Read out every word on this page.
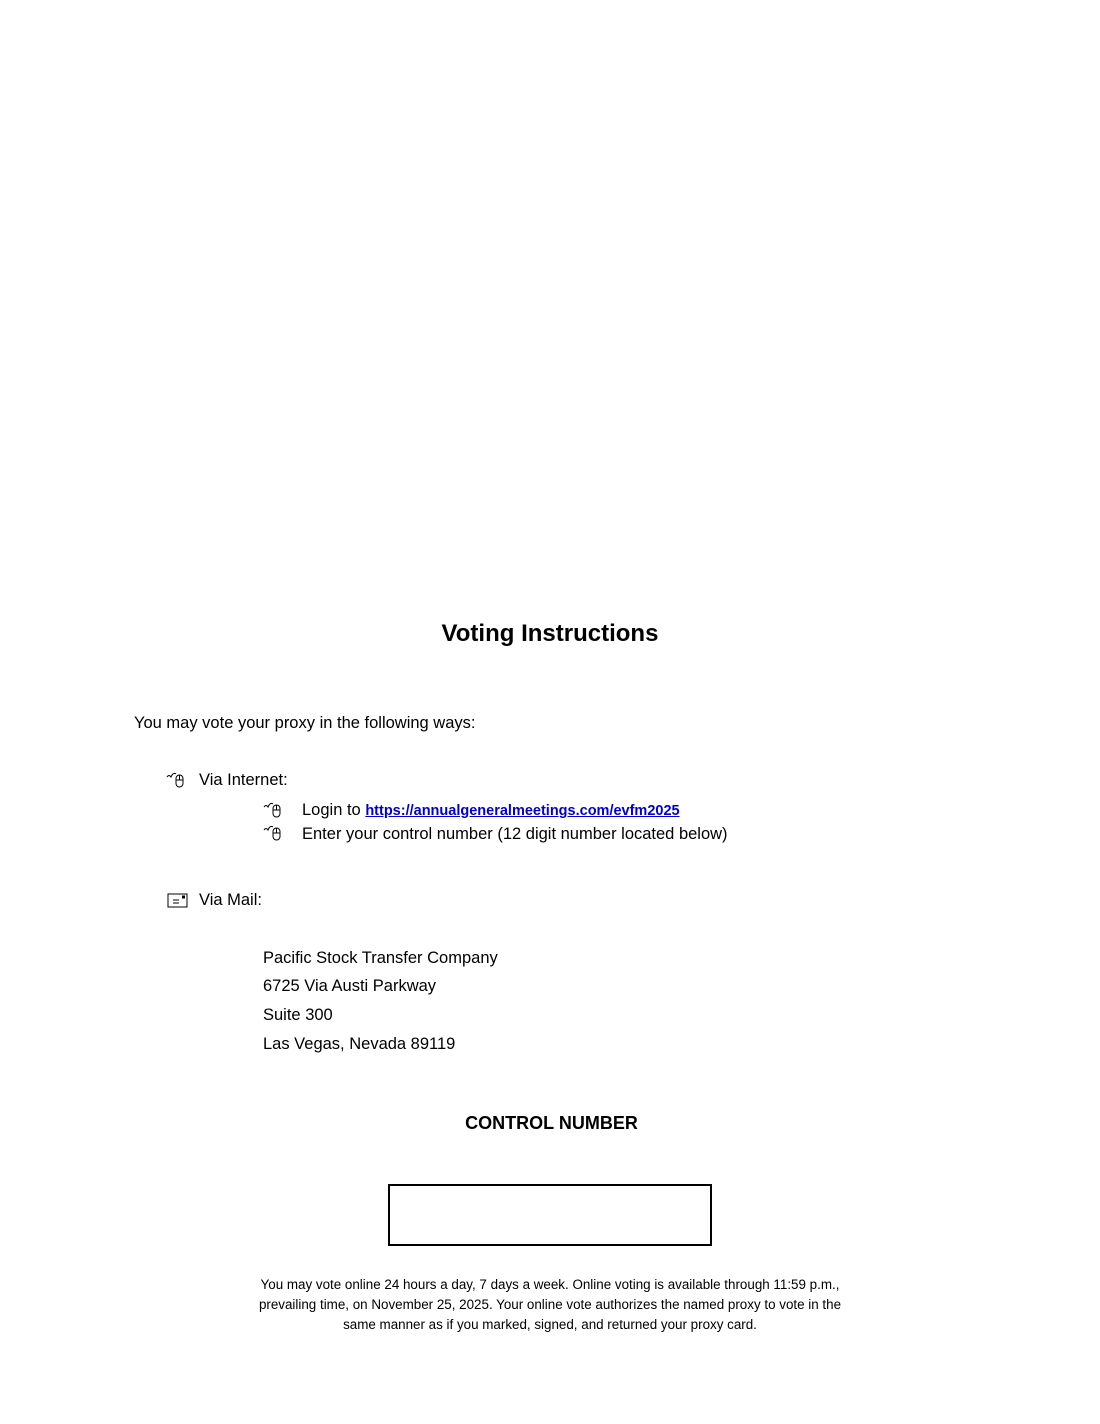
Voting Instructions
You may vote your proxy in the following ways:
Via Internet:
Login to https://annualgeneralmeetings.com/evfm2025
Enter your control number (12 digit number located below)
Via Mail:
Pacific Stock Transfer Company
6725 Via Austi Parkway
Suite 300
Las Vegas, Nevada 89119
CONTROL NUMBER
You may vote online 24 hours a day, 7 days a week. Online voting is available through 11:59 p.m.,
prevailing time, on November 25, 2025. Your online vote authorizes the named proxy to vote in the
same manner as if you marked, signed, and returned your proxy card.
